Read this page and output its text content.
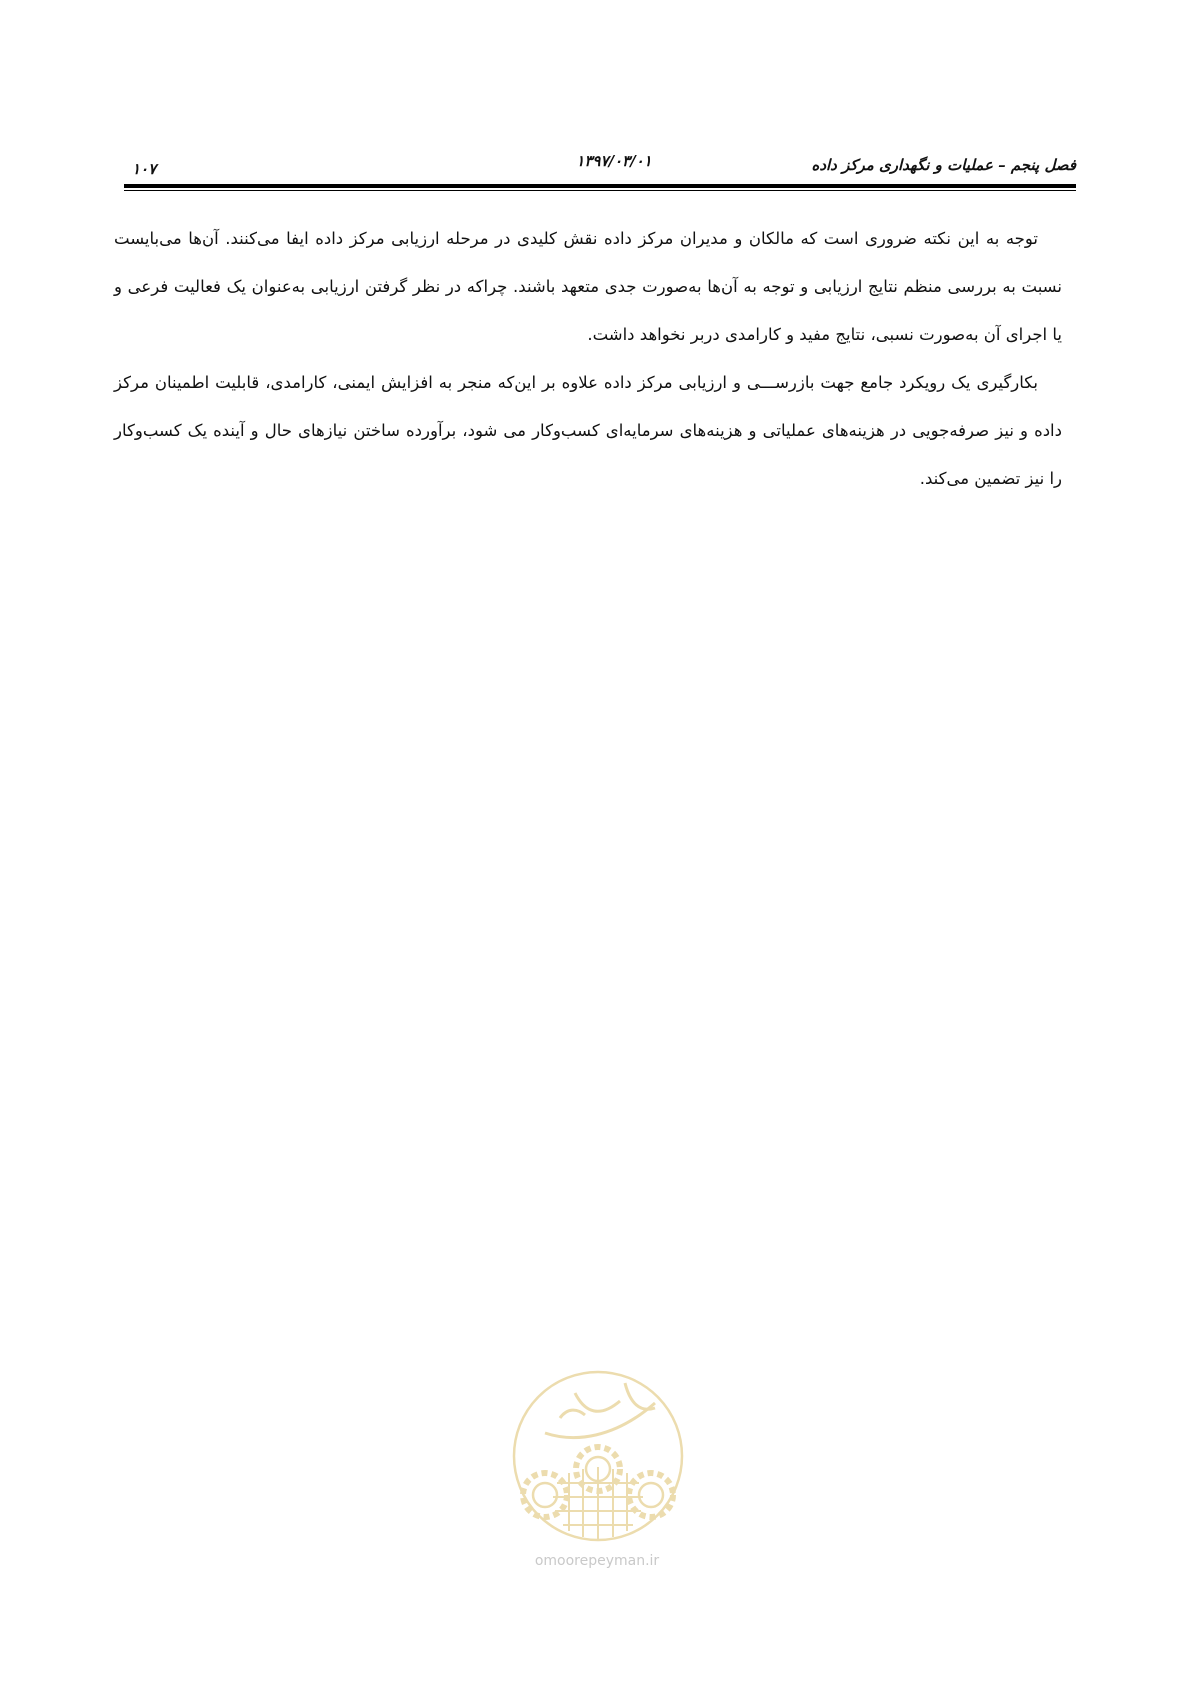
فصل پنجم – عملیات و نگهداری مرکز داده
۱۳۹۷/۰۳/۰۱
۱۰۷

توجه به این نکته ضروری است که مالکان و مدیران مرکز داده نقش کلیدی در مرحله ارزیابی مرکز داده ایفا می‌کنند. آن‌ها می‌بایست نسبت به بررسی منظم نتایج ارزیابی و توجه به آن‌ها به‌صورت جدی متعهد باشند. چراکه در نظر گرفتن ارزیابی به‌عنوان یک فعالیت فرعی و یا اجرای آن به‌صورت نسبی، نتایج مفید و کارامدی دربر نخواهد داشت.

بکارگیری یک رویکرد جامع جهت بازرســـی و ارزیابی مرکز داده علاوه بر این‌که منجر به افزایش ایمنی، کارامدی، قابلیت اطمینان مرکز داده و نیز صرفه‌جویی در هزینه‌های عملیاتی و هزینه‌های سرمایه‌ای کسب‌وکار می شود، برآورده ساختن نیازهای حال و آینده یک کسب‌وکار را نیز تضمین می‌کند.

omoorepeyman.ir
